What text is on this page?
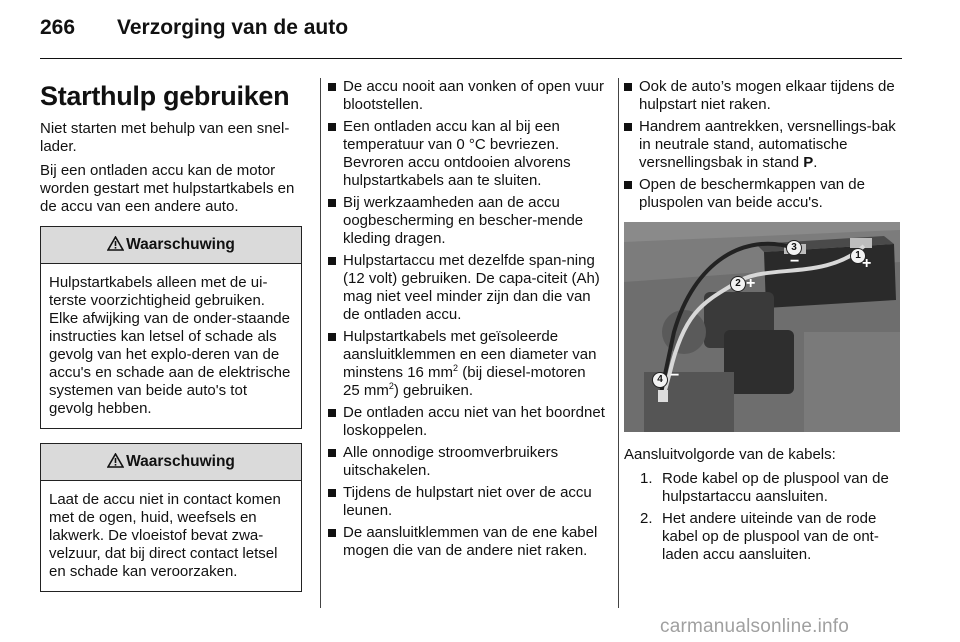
266 Verzorging van de auto
Starthulp gebruiken

Niet starten met behulp van een snel-lader.

Bij een ontladen accu kan de motor worden gestart met hulpstartkabels en de accu van een andere auto.

Waarschuwing
Hulpstartkabels alleen met de ui-terste voorzichtigheid gebruiken. Elke afwijking van de onder-staande instructies kan letsel of schade als gevolg van het explo-deren van de accu's en schade aan de elektrische systemen van beide auto's tot gevolg hebben.
Waarschuwing
Laat de accu niet in contact komen met de ogen, huid, weefsels en lakwerk. De vloeistof bevat zwa-velzuur, dat bij direct contact letsel en schade kan veroorzaken.
De accu nooit aan vonken of open vuur blootstellen.
Een ontladen accu kan al bij een temperatuur van 0 °C bevriezen. Bevroren accu ontdooien alvorens hulpstartkabels aan te sluiten.
Bij werkzaamheden aan de accu oogbescherming en bescher-mende kleding dragen.
Hulpstartaccu met dezelfde span-ning (12 volt) gebruiken. De capa-citeit (Ah) mag niet veel minder zijn dan die van de ontladen accu.
Hulpstartkabels met geïsoleerde aansluitklemmen en een diameter van minstens 16 $mm^2$ (bij diesel-motoren 25 $mm^2$) gebruiken.
De ontladen accu niet van het boordnet loskoppelen.
Alle onnodige stroomverbruikers uitschakelen.
Tijdens de hulpstart niet over de accu leunen.
De aansluitklemmen van de ene kabel mogen die van de andere niet raken.
Ook de auto’s mogen elkaar tijdens de hulpstart niet raken.
Handrem aantrekken, versnellings-bak in neutrale stand, automatische versnellingsbak in stand P.
Open de beschermkappen van de pluspolen van beide accu's.
1
2
3
4
+
+
−
−

Aansluitvolgorde van de kabels:

1. Rode kabel op de pluspool van de hulpstartaccu aansluiten.
2. Het andere uiteinde van de rode kabel op de pluspool van de ont-laden accu aansluiten.
carmanualsonline.info
